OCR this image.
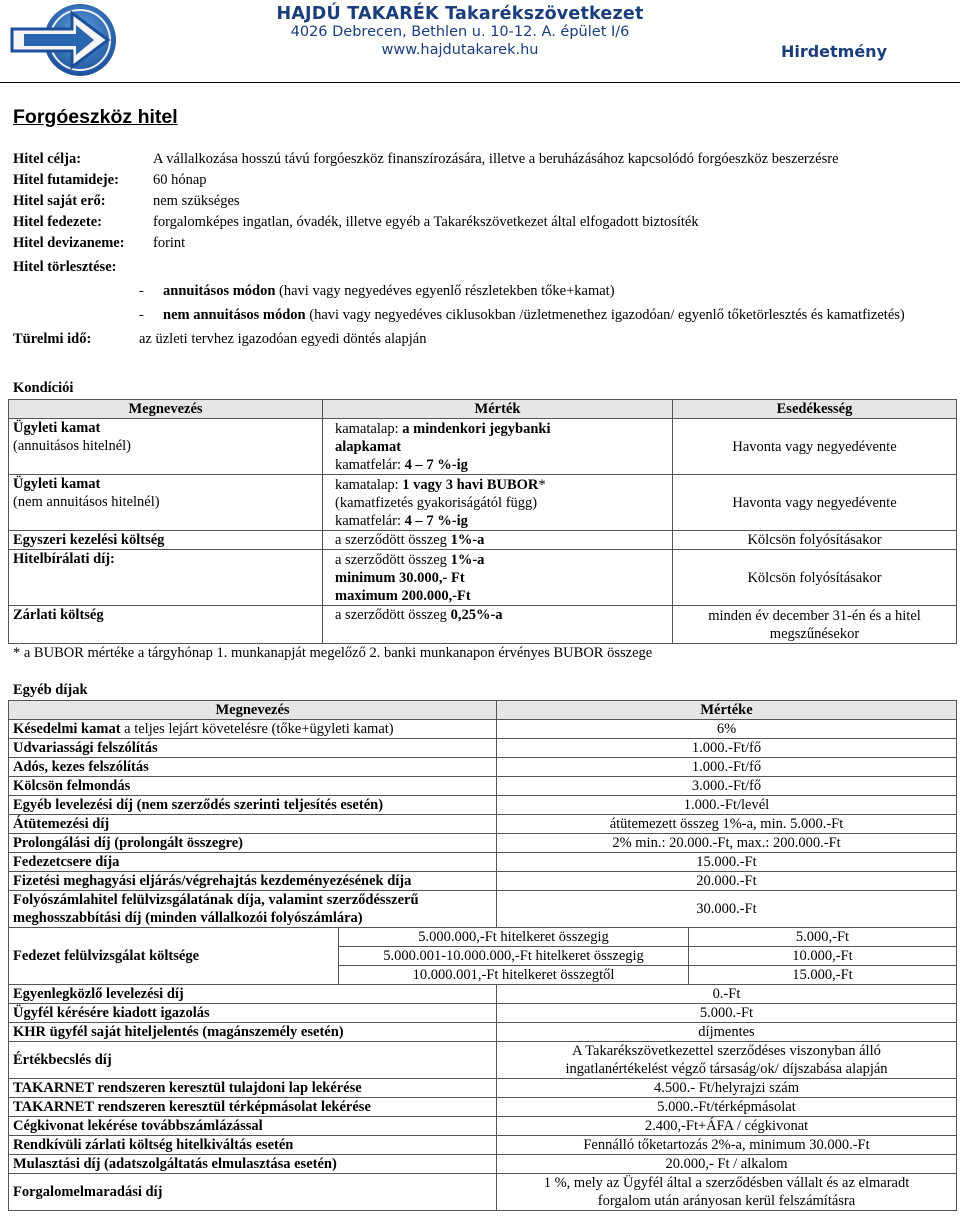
HAJDÚ TAKARÉK Takarékszövetkezet
4026 Debrecen, Bethlen u. 10-12. A. épület I/6
www.hajdutakarek.hu	Hirdetmény
Forgóeszköz hitel
Hitel célja:	A vállalkozása hosszú távú forgóeszköz finanszírozására, illetve a beruházásához kapcsolódó forgóeszköz beszerzésre
Hitel futamideje: 60 hónap
Hitel saját erő:	nem szükséges
Hitel fedezete:	forgalomképes ingatlan, óvadék, illetve egyéb a Takarékszövetkezet által elfogadott biztosíték
Hitel devizaneme: forint
Hitel törlesztése:
- annuitásos módon (havi vagy negyedéves egyenlő részletekben tőke+kamat)
- nem annuitásos módon (havi vagy negyedéves ciklusokban /üzletmenethez igazodóan/ egyenlő tőketörlesztés és kamatfizetés)
Türelmi idő:	az üzleti tervhez igazodóan egyedi döntés alapján
Kondíciói
Megnevezés	Mérték	Esedékesség
Ügyleti kamat
(annuitásos hitelnél)	kamatalap: a mindenkori jegybanki
alapkamat
kamatfelár: 4 – 7 %-ig	Havonta vagy negyedévente
Ügyleti kamat
(nem annuitásos hitelnél)	kamatalap: 1 vagy 3 havi BUBOR*
(kamatfizetés gyakoriságától függ)
kamatfelár: 4 – 7 %-ig	Havonta vagy negyedévente
Egyszeri kezelési költség	a szerződött összeg 1%-a	Kölcsön folyósításakor
Hitelbírálati díj:	a szerződött összeg 1%-a
minimum 30.000,- Ft
maximum 200.000,-Ft	Kölcsön folyósításakor
Zárlati költség	a szerződött összeg 0,25%-a	minden év december 31-én és a hitel
megszűnésekor
* a BUBOR mértéke a tárgyhónap 1. munkanapját megelőző 2. banki munkanapon érvényes BUBOR összege
Egyéb díjak
Megnevezés		Mértéke	
Késedelmi kamat a teljes lejárt követelésre (tőke+ügyleti kamat)		6%	
Udvariassági felszólítás		1.000.-Ft/fő	
Adós, kezes felszólítás		1.000.-Ft/fő	
Kölcsön felmondás		3.000.-Ft/fő	
Egyéb levelezési díj (nem szerződés szerinti teljesítés esetén)		1.000.-Ft/levél	
Átütemezési díj		átütemezett összeg 1%-a, min. 5.000.-Ft	
Prolongálási díj (prolongált összegre)		2% min.: 20.000.-Ft, max.: 200.000.-Ft	
Fedezetcsere díja		15.000.-Ft	
Fizetési meghagyási eljárás/végrehajtás kezdeményezésének díja		20.000.-Ft	
Folyószámlahitel felülvizsgálatának díja, valamint szerződésszerű
meghosszabbítási díj (minden vállalkozói folyószámlára)		30.000.-Ft	
Fedezet felülvizsgálat költsége	5.000.000,-Ft hitelkeret összegig		5.000,-Ft
	5.000.001-10.000.000,-Ft hitelkeret összegig		10.000,-Ft
	10.000.001,-Ft hitelkeret összegtől		15.000,-Ft
Egyenlegközlő levelezési díj		0.-Ft	
Ügyfél kérésére kiadott igazolás		5.000.-Ft	
KHR ügyfél saját hiteljelentés (magánszemély esetén)		díjmentes	
Értékbecslés díj		A Takarékszövetkezettel szerződéses viszonyban álló
ingatlanértékelést végző társaság/ok/ díjszabása alapján	
TAKARNET rendszeren keresztül tulajdoni lap lekérése		4.500.- Ft/helyrajzi szám	
TAKARNET rendszeren keresztül térképmásolat lekérése		5.000.-Ft/térképmásolat	
Cégkivonat lekérése továbbszámlázással		2.400,-Ft+ÁFA / cégkivonat	
Rendkívüli zárlati költség hitelkiváltás esetén		Fennálló tőketartozás 2%-a, minimum 30.000.-Ft	
Mulasztási díj (adatszolgáltatás elmulasztása esetén)		20.000,- Ft / alkalom	
Forgalomelmaradási díj		1 %, mely az Ügyfél által a szerződésben vállalt és az elmaradt
forgalom után arányosan kerül felszámításra	
